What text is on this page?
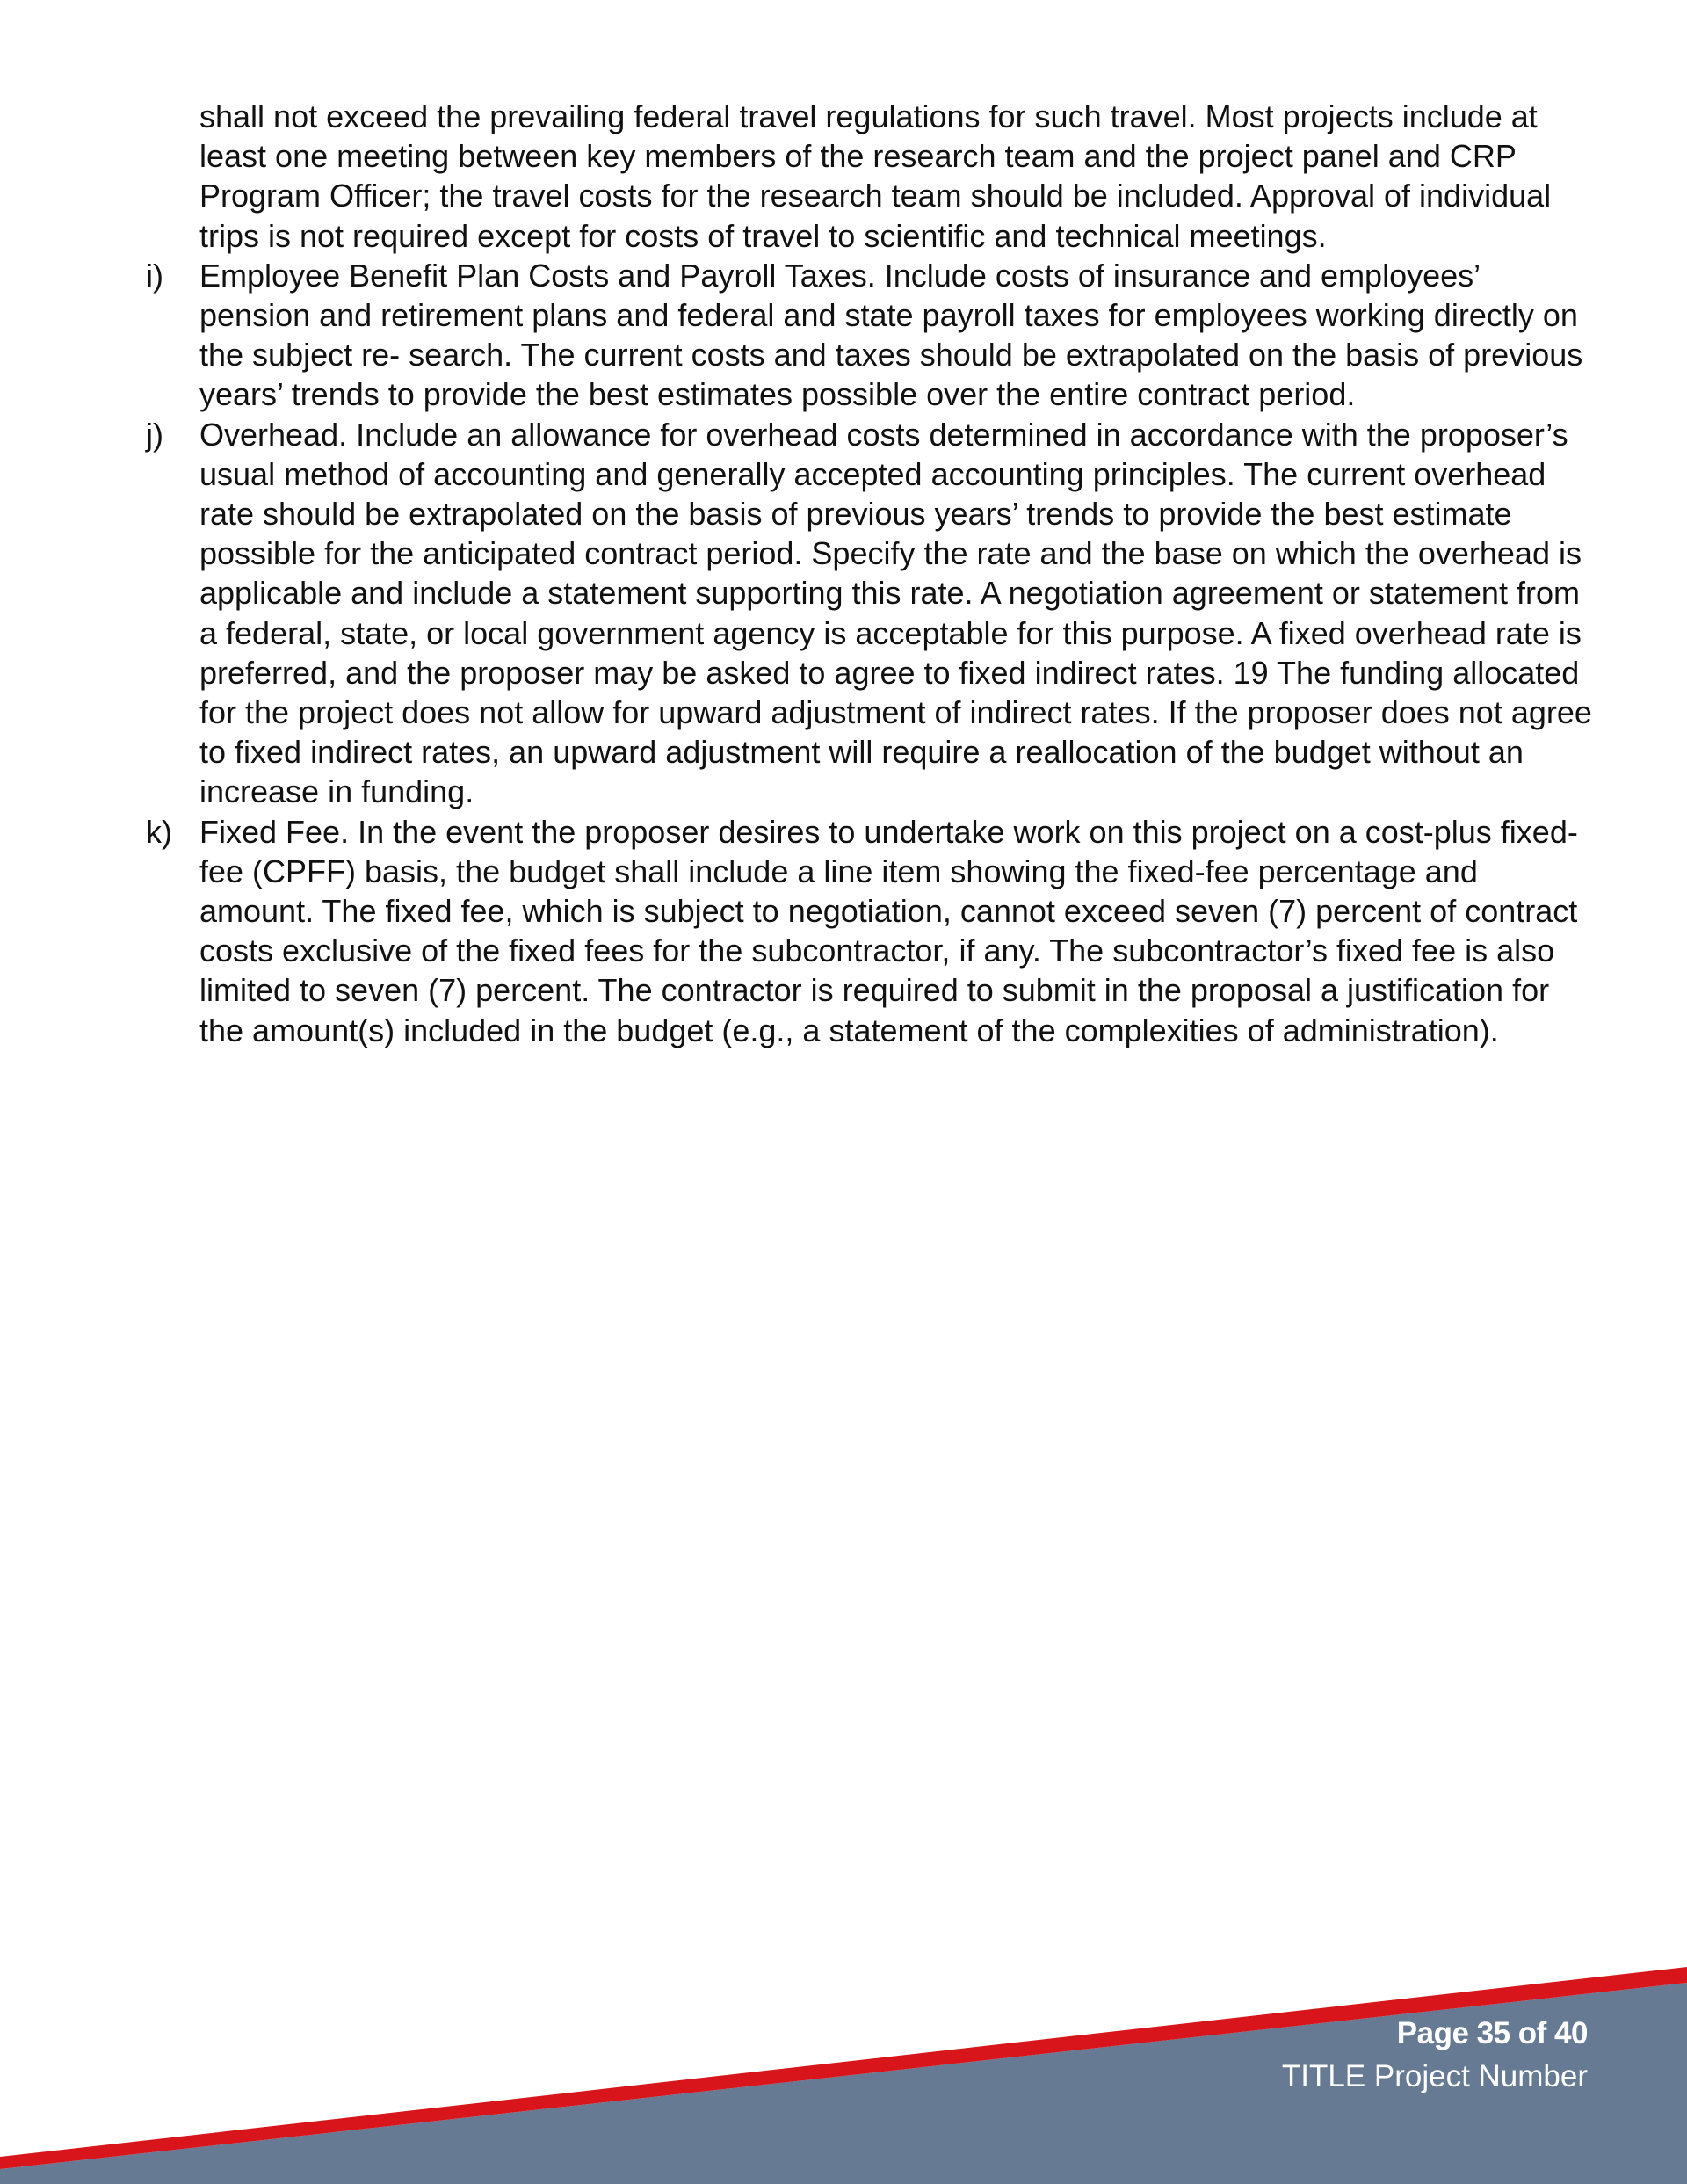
shall not exceed the prevailing federal travel regulations for such travel. Most projects include at least one meeting between key members of the research team and the project panel and CRP Program Officer; the travel costs for the research team should be included. Approval of individual trips is not required except for costs of travel to scientific and technical meetings.
i)	Employee Benefit Plan Costs and Payroll Taxes. Include costs of insurance and employees’ pension and retirement plans and federal and state payroll taxes for employees working directly on the subject re- search. The current costs and taxes should be extrapolated on the basis of previous years’ trends to provide the best estimates possible over the entire contract period.
j)	Overhead. Include an allowance for overhead costs determined in accordance with the proposer’s usual method of accounting and generally accepted accounting principles. The current overhead rate should be extrapolated on the basis of previous years’ trends to provide the best estimate possible for the anticipated contract period. Specify the rate and the base on which the overhead is applicable and include a statement supporting this rate. A negotiation agreement or statement from a federal, state, or local government agency is acceptable for this purpose. A fixed overhead rate is preferred, and the proposer may be asked to agree to fixed indirect rates. 19 The funding allocated for the project does not allow for upward adjustment of indirect rates. If the proposer does not agree to fixed indirect rates, an upward adjustment will require a reallocation of the budget without an increase in funding.
k) Fixed Fee. In the event the proposer desires to undertake work on this project on a cost-plus fixed-fee (CPFF) basis, the budget shall include a line item showing the fixed-fee percentage and amount. The fixed fee, which is subject to negotiation, cannot exceed seven (7) percent of contract costs exclusive of the fixed fees for the subcontractor, if any. The subcontractor’s fixed fee is also limited to seven (7) percent. The contractor is required to submit in the proposal a justification for the amount(s) included in the budget (e.g., a statement of the complexities of administration).
Page 35 of 40
TITLE Project Number
